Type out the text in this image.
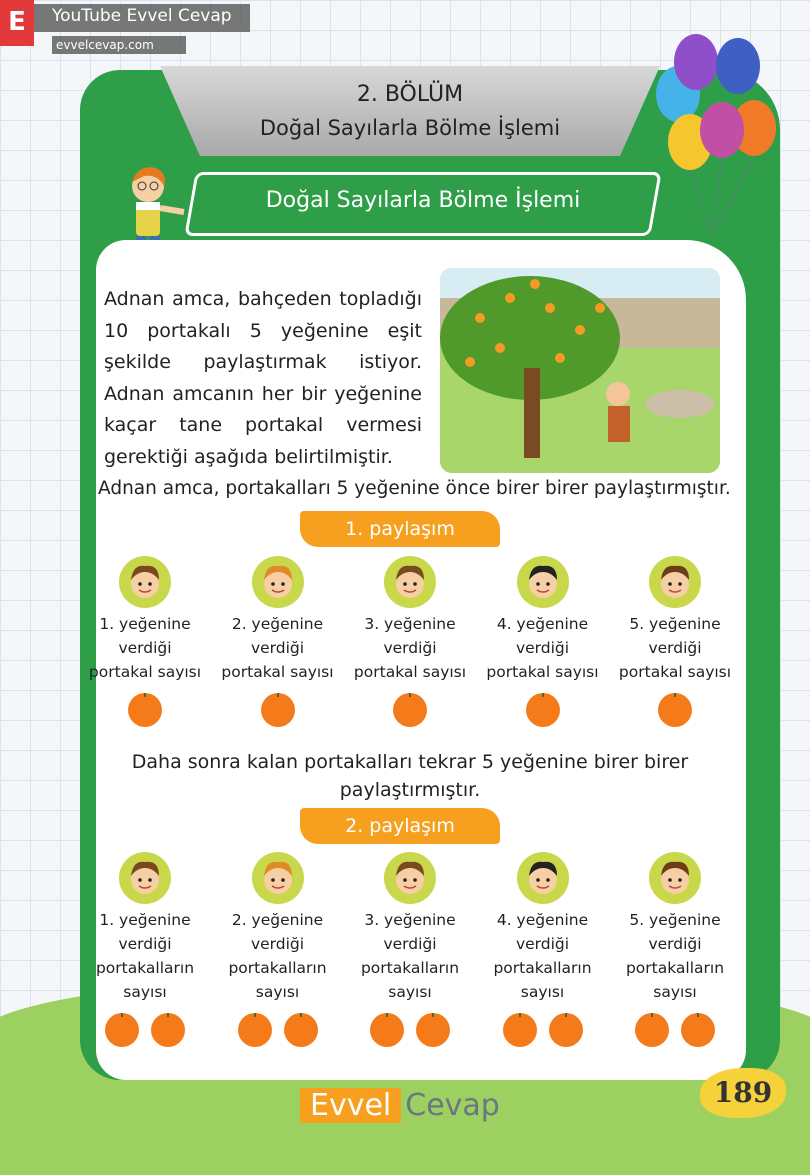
E	YouTube Evvel Cevap
evvelcevap.com
2. BÖLÜM
Doğal Sayılarla Bölme İşlemi
Doğal Sayılarla Bölme İşlemi
Adnan amca, bahçeden topladığı 10 portakalı 5 yeğenine eşit şekilde paylaştırmak istiyor. Adnan amcanın her bir yeğenine kaçar tane portakal vermesi gerektiği aşağıda belirtilmiştir.
Adnan amca, portakalları 5 yeğenine önce birer birer paylaştırmıştır.
1. paylaşım
1. yeğenine
verdiği
portakal sayısı
2. yeğenine
verdiği
portakal sayısı
3. yeğenine
verdiği
portakal sayısı
4. yeğenine
verdiği
portakal sayısı
5. yeğenine
verdiği
portakal sayısı
Daha sonra kalan portakalları tekrar 5 yeğenine birer birer paylaştırmıştır.
2. paylaşım
1. yeğenine
verdiği
portakalların
sayısı
2. yeğenine
verdiği
portakalların
sayısı
3. yeğenine
verdiği
portakalların
sayısı
4. yeğenine
verdiği
portakalların
sayısı
5. yeğenine
verdiği
portakalların
sayısı
Evvel Cevap	189
